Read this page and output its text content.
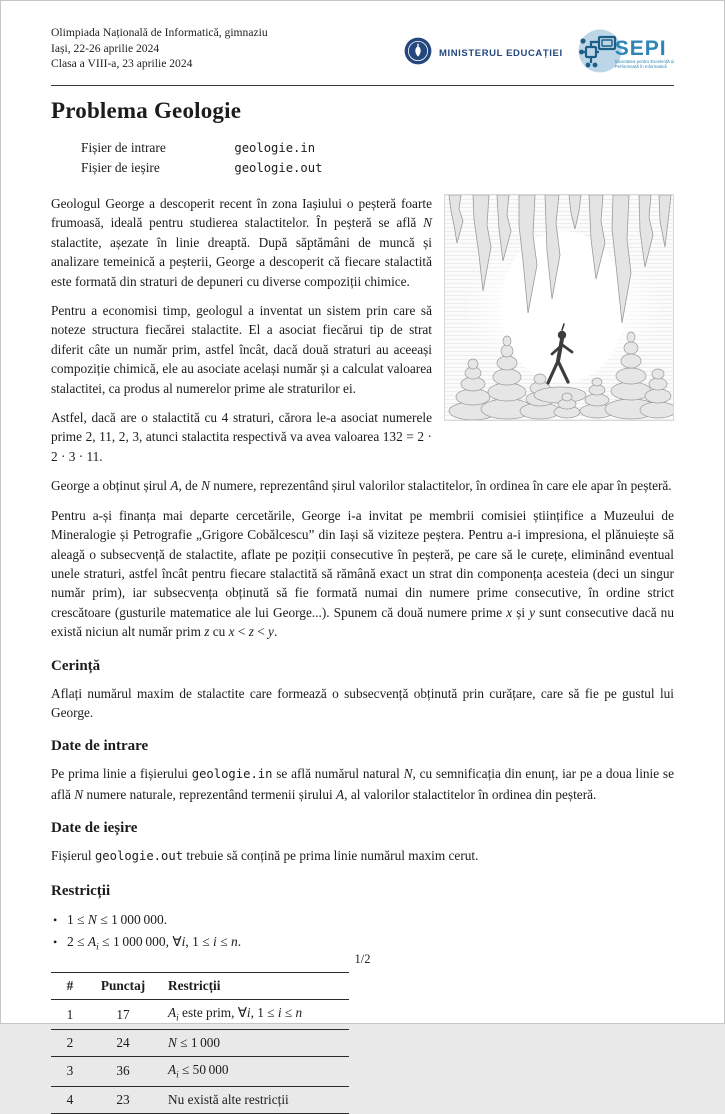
Olimpiada Națională de Informatică, gimnaziu
Iași, 22-26 aprilie 2024
Clasa a VIII-a, 23 aprilie 2024
MINISTERUL EDUCAȚIEI SEPI
Societatea pentru Excelență și
Performanță în Informatică
Problema Geologie
Fișier de intrare	geologie.in
Fișier de ieșire	geologie.out

Geologul George a descoperit recent în zona Iașiului o peșteră foarte frumoasă, ideală pentru studierea stalactitelor. În peșteră se află N stalactite, așezate în linie dreaptă. După săptămâni de muncă și analizare temeinică a peșterii, George a descoperit că fiecare stalactită este formată din straturi de depuneri cu diverse compoziții chimice.

Pentru a economisi timp, geologul a inventat un sistem prin care să noteze structura fiecărei stalactite. El a asociat fiecărui tip de strat diferit câte un număr prim, astfel încât, dacă două straturi au aceeași compoziție chimică, ele au asociate același număr și a calculat valoarea stalactitei, ca produs al numerelor prime ale straturilor ei.

Astfel, dacă are o stalactită cu 4 straturi, cărora le-a asociat numerele prime 2, 11, 2, 3, atunci stalactita respectivă va avea valoarea 132 = 2 · 2 · 3 · 11.

George a obținut șirul A, de N numere, reprezentând șirul valorilor stalactitelor, în ordinea în care ele apar în peșteră.

Pentru a-și finanța mai departe cercetările, George i-a invitat pe membrii comisiei științifice a Muzeului de Mineralogie și Petrografie „Grigore Cobălcescu” din Iași să viziteze peștera. Pentru a-i impresiona, el plănuiește să aleagă o subsecvență de stalactite, aflate pe poziții consecutive în peșteră, pe care să le curețe, eliminând eventual unele straturi, astfel încât pentru fiecare stalactită să rămână exact un strat din componența acesteia (deci un singur număr prim), iar subsecvența obținută să fie formată numai din numere prime consecutive, în ordine strict crescătoare (gusturile matematice ale lui George...). Spunem că două numere prime x și y sunt consecutive dacă nu există niciun alt număr prim z cu x < z < y.

Cerință

Aflați numărul maxim de stalactite care formează o subsecvență obținută prin curățare, care să fie pe gustul lui George.

Date de intrare

Pe prima linie a fișierului geologie.in se află numărul natural N, cu semnificația din enunț, iar pe a doua linie se află N numere naturale, reprezentând termenii șirului A, al valorilor stalactitelor în ordinea din peșteră.

Date de ieșire

Fișierul geologie.out trebuie să conțină pe prima linie numărul maxim cerut.

Restricții
• 1 ≤ N ≤ 1 000 000.
• $2 \le A_i \le 1$ 000 000, ∀i, 1 ≤ i ≤ n.
#	Punctaj	Restricții
1	17	$A_i$ este prim, ∀i, 1 ≤ i ≤ n
2	24	N ≤ 1 000
3	36	$A_i \le 50$ 000
4	23	Nu există alte restricții
1/2
